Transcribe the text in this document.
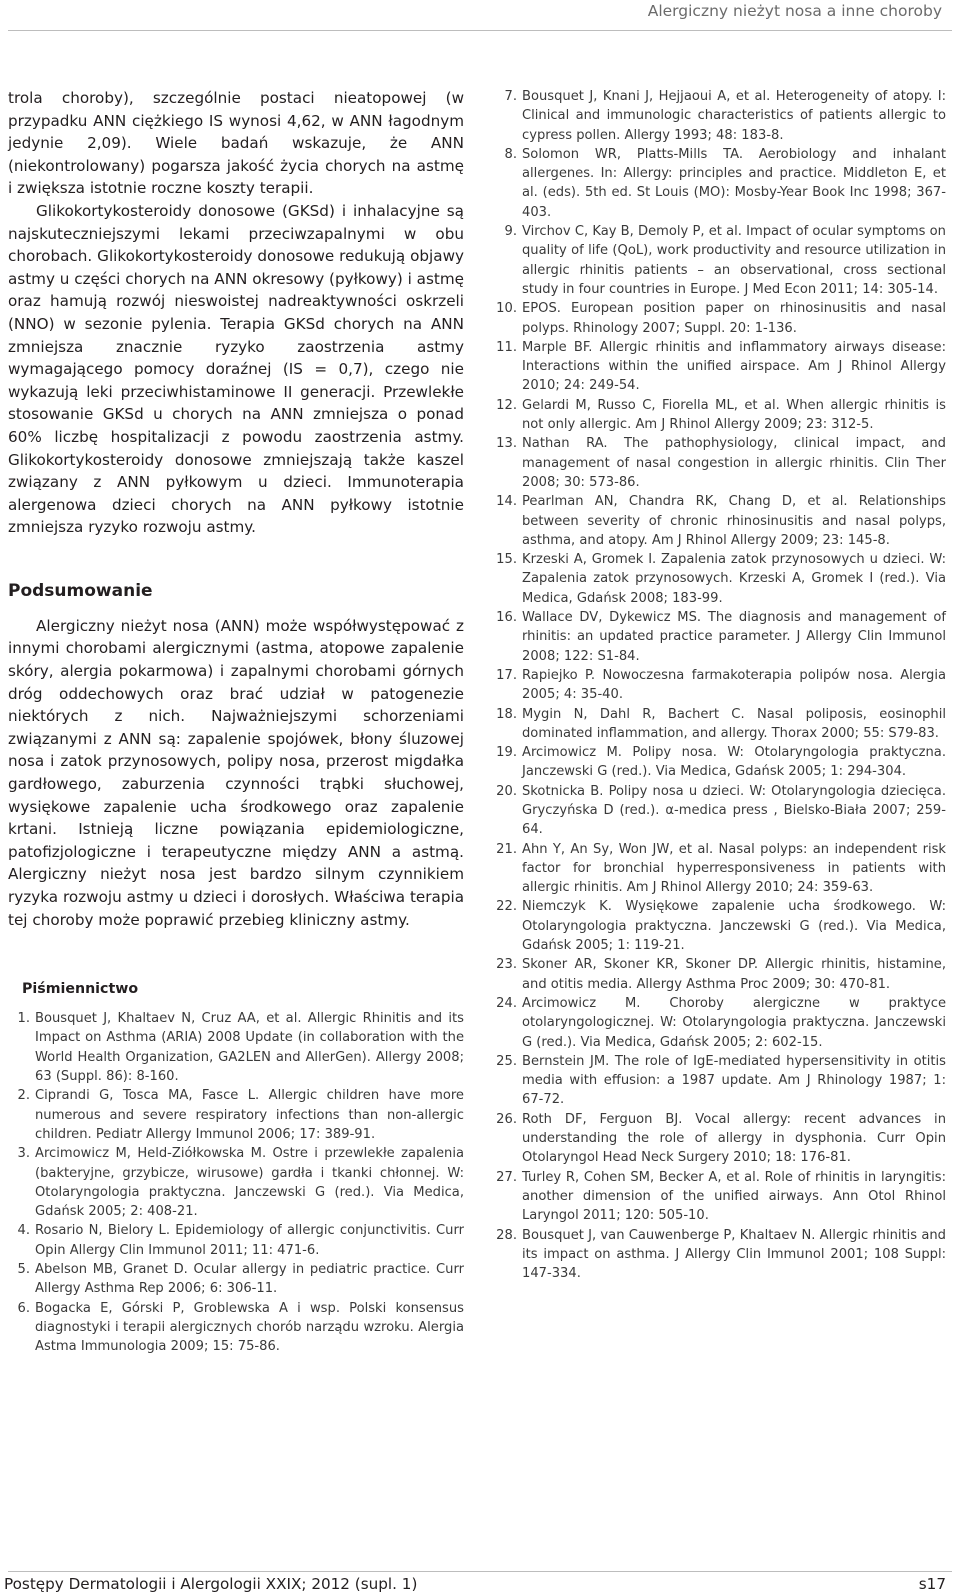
Alergiczny nieżyt nosa a inne choroby

trola choroby), szczególnie postaci nieatopowej (w przypadku ANN ciężkiego IS wynosi 4,62, w ANN łagodnym jedynie 2,09). Wiele badań wskazuje, że ANN (niekontrolowany) pogarsza jakość życia chorych na astmę i zwiększa istotnie roczne koszty terapii.

Glikokortykosteroidy donosowe (GKSd) i inhalacyjne są najskuteczniejszymi lekami przeciwzapalnymi w obu chorobach. Glikokortykosteroidy donosowe redukują objawy astmy u części chorych na ANN okresowy (pyłkowy) i astmę oraz hamują rozwój nieswoistej nadreaktywności oskrzeli (NNO) w sezonie pylenia. Terapia GKSd chorych na ANN zmniejsza znacznie ryzyko zaostrzenia astmy wymagającego pomocy doraźnej (IS = 0,7), czego nie wykazują leki przeciwhistaminowe II generacji. Przewlekłe stosowanie GKSd u chorych na ANN zmniejsza o ponad 60% liczbę hospitalizacji z powodu zaostrzenia astmy. Glikokortykosteroidy donosowe zmniejszają także kaszel związany z ANN pyłkowym u dzieci. Immunoterapia alergenowa dzieci chorych na ANN pyłkowy istotnie zmniejsza ryzyko rozwoju astmy.

Podsumowanie

Alergiczny nieżyt nosa (ANN) może współwystępować z innymi chorobami alergicznymi (astma, atopowe zapalenie skóry, alergia pokarmowa) i zapalnymi chorobami górnych dróg oddechowych oraz brać udział w patogenezie niektórych z nich. Najważniejszymi schorzeniami związanymi z ANN są: zapalenie spojówek, błony śluzowej nosa i zatok przynosowych, polipy nosa, przerost migdałka gardłowego, zaburzenia czynności trąbki słuchowej, wysiękowe zapalenie ucha środkowego oraz zapalenie krtani. Istnieją liczne powiązania epidemiologiczne, patofizjologiczne i terapeutyczne między ANN a astmą. Alergiczny nieżyt nosa jest bardzo silnym czynnikiem ryzyka rozwoju astmy u dzieci i dorosłych. Właściwa terapia tej choroby może poprawić przebieg kliniczny astmy.

Piśmiennictwo
1. Bousquet J, Khaltaev N, Cruz AA, et al. Allergic Rhinitis and its Impact on Asthma (ARIA) 2008 Update (in collaboration with the World Health Organization, GA2LEN and AllerGen). Allergy 2008; 63 (Suppl. 86): 8-160.
2. Ciprandi G, Tosca MA, Fasce L. Allergic children have more numerous and severe respiratory infections than non-allergic children. Pediatr Allergy Immunol 2006; 17: 389-91.
3. Arcimowicz M, Held-Ziółkowska M. Ostre i przewlekłe zapalenia (bakteryjne, grzybicze, wirusowe) gardła i tkanki chłonnej. W: Otolaryngologia praktyczna. Janczewski G (red.). Via Medica, Gdańsk 2005; 2: 408-21.
4. Rosario N, Bielory L. Epidemiology of allergic conjunctivitis. Curr Opin Allergy Clin Immunol 2011; 11: 471-6.
5. Abelson MB, Granet D. Ocular allergy in pediatric practice. Curr Allergy Asthma Rep 2006; 6: 306-11.
6. Bogacka E, Górski P, Groblewska A i wsp. Polski konsensus diagnostyki i terapii alergicznych chorób narządu wzroku. Alergia Astma Immunologia 2009; 15: 75-86.
7. Bousquet J, Knani J, Hejjaoui A, et al. Heterogeneity of atopy. I: Clinical and immunologic characteristics of patients allergic to cypress pollen. Allergy 1993; 48: 183-8.
8. Solomon WR, Platts-Mills TA. Aerobiology and inhalant allergenes. In: Allergy: principles and practice. Middleton E, et al. (eds). 5th ed. St Louis (MO): Mosby-Year Book Inc 1998; 367-403.
9. Virchov C, Kay B, Demoly P, et al. Impact of ocular symptoms on quality of life (QoL), work productivity and resource utilization in allergic rhinitis patients – an observational, cross sectional study in four countries in Europe. J Med Econ 2011; 14: 305-14.
10. EPOS. European position paper on rhinosinusitis and nasal polyps. Rhinology 2007; Suppl. 20: 1-136.
11. Marple BF. Allergic rhinitis and inflammatory airways disease: Interactions within the unified airspace. Am J Rhinol Allergy 2010; 24: 249-54.
12. Gelardi M, Russo C, Fiorella ML, et al. When allergic rhinitis is not only allergic. Am J Rhinol Allergy 2009; 23: 312-5.
13. Nathan RA. The pathophysiology, clinical impact, and management of nasal congestion in allergic rhinitis. Clin Ther 2008; 30: 573-86.
14. Pearlman AN, Chandra RK, Chang D, et al. Relationships between severity of chronic rhinosinusitis and nasal polyps, asthma, and atopy. Am J Rhinol Allergy 2009; 23: 145-8.
15. Krzeski A, Gromek I. Zapalenia zatok przynosowych u dzieci. W: Zapalenia zatok przynosowych. Krzeski A, Gromek I (red.). Via Medica, Gdańsk 2008; 183-99.
16. Wallace DV, Dykewicz MS. The diagnosis and management of rhinitis: an updated practice parameter. J Allergy Clin Immunol 2008; 122: S1-84.
17. Rapiejko P. Nowoczesna farmakoterapia polipów nosa. Alergia 2005; 4: 35-40.
18. Mygin N, Dahl R, Bachert C. Nasal poliposis, eosinophil dominated inflammation, and allergy. Thorax 2000; 55: S79-83.
19. Arcimowicz M. Polipy nosa. W: Otolaryngologia praktyczna. Janczewski G (red.). Via Medica, Gdańsk 2005; 1: 294-304.
20. Skotnicka B. Polipy nosa u dzieci. W: Otolaryngologia dziecięca. Gryczyńska D (red.). α-medica press , Bielsko-Biała 2007; 259-64.
21. Ahn Y, An Sy, Won JW, et al. Nasal polyps: an independent risk factor for bronchial hyperresponsiveness in patients with allergic rhinitis. Am J Rhinol Allergy 2010; 24: 359-63.
22. Niemczyk K. Wysiękowe zapalenie ucha środkowego. W: Otolaryngologia praktyczna. Janczewski G (red.). Via Medica, Gdańsk 2005; 1: 119-21.
23. Skoner AR, Skoner KR, Skoner DP. Allergic rhinitis, histamine, and otitis media. Allergy Asthma Proc 2009; 30: 470-81.
24. Arcimowicz M. Choroby alergiczne w praktyce otolaryngologicznej. W: Otolaryngologia praktyczna. Janczewski G (red.). Via Medica, Gdańsk 2005; 2: 602-15.
25. Bernstein JM. The role of IgE-mediated hypersensitivity in otitis media with effusion: a 1987 update. Am J Rhinology 1987; 1: 67-72.
26. Roth DF, Ferguon BJ. Vocal allergy: recent advances in understanding the role of allergy in dysphonia. Curr Opin Otolaryngol Head Neck Surgery 2010; 18: 176-81.
27. Turley R, Cohen SM, Becker A, et al. Role of rhinitis in laryngitis: another dimension of the unified airways. Ann Otol Rhinol Laryngol 2011; 120: 505-10.
28. Bousquet J, van Cauwenberge P, Khaltaev N. Allergic rhinitis and its impact on asthma. J Allergy Clin Immunol 2001; 108 Suppl: 147-334.
Postępy Dermatologii i Alergologii XXIX; 2012 (supl. 1)	s17
